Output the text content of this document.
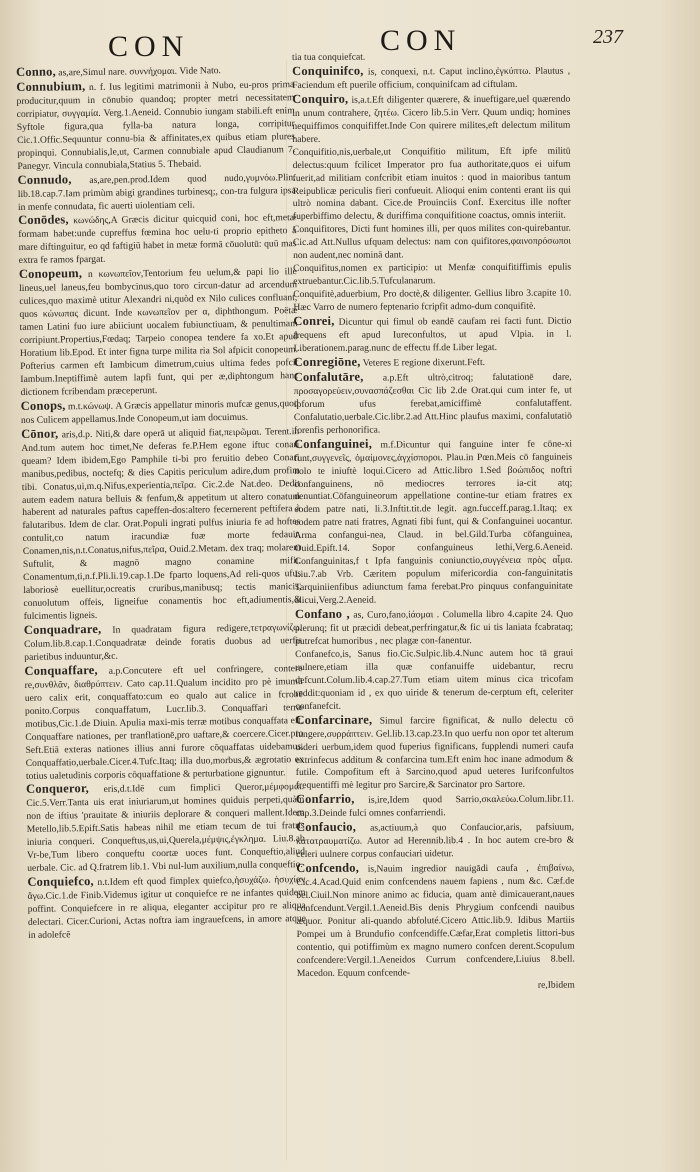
CON	CON	237
Conno, as,are,Simul nare. συννήχομαι. Vide Nato.
Connubium, n. f. Ius legitimi matrimonii à Nubo, eu-pros prima producitur,quum in cōnubio quandoq; propter metri necessitatem corripiatur, συγγαμία. Verg.1.Aeneid. Connubio iungam stabili.eft enim Syftole figura,qua fylla-ba natura longa, corripitur Cic.1.Offic.Sequuntur connu-bia & affinitates,ex quibus etiam plures propinqui. Connubialis,le,ut, Carmen connubiale apud Claudianum 7. Panegyr. Vincula connubiala,Statius 5. Thebaid.
Connudo, as,are,pen.prod.Idem quod nudo,γυμνόω.Plin. lib.18.cap.7.Iam primùm abigi grandines turbinesq;, con-tra fulgura ipsa in menfe connudata, fic auerti uiolentiam celi.
Conōdes, κωνώδης,A Græcis dicitur quicquid coni, hoc eft,metæ formam habet:unde cupreffus fœmina hoc uelu-ti proprio epitheto à mare diftinguitur, eo qd faftigiū habet in metæ formā cōuolutū: quū mas extra fe ramos fpargat.
Conopeum, n κωνωπεῖον,Tentorium feu uelum,& papi lio ille lineus,uel laneus,feu bombycinus,quo toro circun-datur ad arcendum culices,quo maximè utitur Alexandri ni,quòd ex Nilo culices confluant, quos κώνωπας dicunt. Inde κωνωπεῖον per α, diphthongum. Poëtæ tamen Latini fuo iure abiiciunt uocalem fubiunctiuam, & penultimam corripiunt.Propertius,Fœdaq; Tarpeio conopea tendere fa xo.Et apud Horatium lib.Epod. Et inter figna turpe milita ria Sol afpicit conopeum. Pofterius carmen eft Iambicum dimetrum,cuius ultima fedes pofcit Iambum.Ineptiffimè autem lapfi funt, qui per æ,diphtongum hanc dictionem fcribendam præceperunt.
Conops, m.t.κώνωψ. A Græcis appellatur minoris mufcæ genus,quod nos Culicem appellamus.Inde Conopeum,ut iam docuimus.
Cōnor, aris,d.p. Niti,& dare operā ut aliquid fiat,πειρῶμαι. Terent.in And.tum autem hoc timet,Ne deferas fe.P.Hem egone iftuc conari queam? Idem ibidem,Ego Pamphile ti-bi pro feruitio debeo Conari manibus,pedibus, noctefq; & dies Capitis periculum adire,dum profim tibi. Conatus,ui,m.q.Nifus,experientia,πεῖρα. Cic.2.de Nat.deo. Dedit autem eadem natura belluis & fenfum,& appetitum ut altero conatum haberent ad naturales paftus capeffen-dos:altero fecernerent peftifera à falutaribus. Idem de clar. Orat.Populi ingrati pulfus iniuria fe ad hoftes contulit,co natum iracundiæ fuæ morte fedauit. Conamen,nis,n.t.Conatus,nifus,πεῖρα, Ouid.2.Metam. dex traq; molarem Suftulit, & magnō magno conamine mifit. Conamentum,ti,n.f.Pli.li.19.cap.1.De fparto loquens,Ad reli-quos ufus laboriosè euellitur,ocreatis cruribus,manibusq; tectis manicis, conuolutum offeis, ligneifue conamentis hoc eft,adiumentis,& fulcimentis ligneis.
Conquadrare, In quadratam figura redigere,τετραγωνίζω. Colum.lib.8.cap.1.Conquadratæ deinde foratis duobus ad uerfis parietibus induuntur,&c.
Conquaffare, a.p.Concutere eft uel confringere, contere re,συνθλᾶν, διαθρύπτειν. Cato cap.11.Qualum incidito pro pè imumū uero calix erit, conquaffato:cum eo qualo aut calice in fcrobē ponito.Corpus conquaffatum, Lucr.lib.3. Conquaffari terræ motibus,Cic.1.de Diuin. Apulia maxi-mis terræ motibus conquaffata eft. Conquaffare nationes, per tranflationē,pro uaftare,& coercere.Cicer.pro Seft.Etiā exteras nationes illius anni furore cōquaffatas uidebamus. Conquaffatio,uerbale.Cicer.4.Tufc.Itaq; illa duo,morbus,& ægrotatio ex totius ualetudinis corporis cōquaffatione & perturbatione gignuntur.
Conqueror, eris,d.t.Idē cum fimplici Queror,μέμφομαι. Cic.5.Verr.Tanta uis erat iniuriarum,ut homines quiduis perpeti,quàm non de iftius 'prauitate & iniuriis deplorare & conqueri mallent.Idem Metello,lib.5.Epift.Satis habeas nihil me etiam tecum de tui fratris iniuria conqueri. Conqueftus,us,ui,Querela,μέμψις,ἐγκλημα. Liu.8.ab Vr-be,Tum libero conqueftu coortæ uoces funt. Conqueftio,aliud uerbale. Cic. ad Q.fratrem lib.1. Vbi nul-lum auxilium,nulla conqueftio.
Conquiefco, n.t.Idem eft quod fimplex quiefco,ἡσυχάζω. ἡσυχίαν ἄγω.Cic.1.de Finib.Videmus igitur ut conquiefce re ne infantes quidem poffint. Conquiefcere in re aliqua, eleganter accipitur pro re aliqua delectari. Cicer.Curioni, Actas noftra iam ingrauefcens, in amore atque in adolefcē
tia tua conquiefcat.
Conquinifco, is, conquexi, n.t. Caput inclino,ἐγκύπτω. Plautus , Faciendum eft puerile officium, conquinifcam ad ciftulam.
Conquiro, is,a.t.Eft diligenter quærere, & inueftigare,uel quærendo in unum contrahere, ζητέω. Cicero lib.5.in Verr. Quum undiq; homines nequiffimos conquififfet.Inde Con quirere milites,eft delectum militum habere.
Conquifitio,nis,uerbale,ut Conquifitio militum, Eft ipfe militū delectus:quum fcilicet Imperator pro fua authoritate,quos ei uifum fuerit,ad militiam confcribit etiam inuitos : quod in maioribus tantum Reipublicæ periculis fieri confueuit. Alioqui enim contenti erant iis qui ultrò nomina dabant. Cice.de Prouinciis Conf. Exercitus ille nofter fuperbiffimo delectu, & duriffima conquifitione coactus, omnis interiit.
Conquifitores, Dicti funt homines illi, per quos milites con-quirebantur. Cic.ad Att.Nullus ufquam delectus: nam con quifitores,φαινοπρόσωποι non audent,nec nominā dant.
Conquifitus,nomen ex participio: ut Menfæ conquifitiffimis epulis extruebantur.Cic.lib.5.Tufculanarum.
Conquifitè,aduerbium, Pro doctè,& diligenter. Gellius libro 3.capite 10. Hæc Varro de numero feptenario fcripfit admo-dum conquifitè.
Conrei, Dicuntur qui fimul ob eandē caufam rei facti funt. Dictio frequens eft apud Iureconfultos, ut apud Vlpia. in l. Liberationem.parag.nunc de effectu ff.de Liber legat.
Conregiōne, Veteres E regione dixerunt.Feft.
Confalutāre, a.p.Eft ultrò,citroq; falutationē dare, προσαγορεύειν,συνασπάζεσθαι Cic lib 2.de Orat.qui cum inter fe, ut ipforum ufus ferebat,amiciffimè confalutaffent. Confalutatio,uerbale.Cic.libr.2.ad Att.Hinc plaufus maximi, confalutatiō forenfis perhonorifica.
Confanguinei, m.f.Dicuntur qui fanguine inter fe cōne-xi funt,συγγενεῖς, ὁμαίμονες,ἀγχίσποροι. Plau.in Pœn.Meis cō fanguineis nolo te iniuftè loqui.Cicero ad Attic.libro 1.Sed βοώπιδος noftri confanguinens, nō mediocres terrores ia-cit atq; denuntiat.Cōfanguineorum appellatione contine-tur etiam fratres ex eodem patre nati, li.3.Inftit.tit.de legit. agn.fucceff.parag.1.Itaq; ex eodem patre nati fratres, Agnati fibi funt, qui & Confanguinei uocantur. Arma confangui-nea, Claud. in bel.Gild.Turba cōfanguinea, Ouid.Epift.14. Sopor confanguineus lethi,Verg.6.Aeneid. Confanguinitas,f t Ipfa fanguinis coniunctio,συγγένεια πρὸς αἷμα. Liu.7.ab Vrb. Cæritem populum mifericordia con-fanguinitatis Tarquiniienfibus adiunctum fama ferebat.Pro pinquus confanguinitate alicui,Verg.2.Aeneid.
Confano , as, Curo,fano,ἰάομαι . Columella libro 4.capite 24. Quo plerunq; fit ut præcidi debeat,perfringatur,& fic ui tis laniata fcabrataq; putrefcat humoribus , nec plagæ con-fanentur.
Confanefco,is, Sanus fio.Cic.Sulpic.lib.4.Nunc autem hoc tā graui uulnere,etiam illa quæ confanuiffe uidebantur, recru defcunt.Colum.lib.4.cap.27.Tum etiam uitem minus cica tricofam reddit:quoniam id , ex quo uiride & tenerum de-cerptum eft, celeriter confanefcit.
Confarcinare, Simul farcire fignificat, & nullo delectu cō iungere,συρράπτειν. Gel.lib.13.cap.23.In quo uerfu non opor tet alterum uideri uerbum,idem quod fuperius fignificans, fupplendi numeri caufa extrinfecus additum & confarcina tum.Eft enim hoc inane admodum & futile. Compofitum eft à Sarcino,quod apud ueteres Iurifconfultos frequentiffi mè legitur pro Sarcire,& Sarcinator pro Sartore.
Confarrio, is,ire,Idem quod Sarrio,σκαλεύω.Colum.libr.11. cap.3.Deinde fulci omnes confarriendi.
Confaucio, as,actiuum,à quo Confaucior,aris, pafsiuum, κατατραυματίζω. Autor ad Herennib.lib.4 . In hoc autem cre-bro & celeri uulnere corpus confauciari uidetur.
Confcendo, is,Nauim ingredior nauigādi caufa , ἐπιβαίνω, Cic.4.Acad.Quid enim confcendens nauem fapiens , num &c. Cæf.de bel.Ciuil.Non minore animo ac fiducia, quam antè dimicauerant,naues confcendunt.Vergil.1.Aeneid.Bis denis Phrygium confcendi nauibus æquor. Ponitur ali-quando abfoluté.Cicero Attic.lib.9. Idibus Martiis Pompei um à Brundufio confcendiffe.Cæfar,Erat completis littori-bus contentio, qui potiffimùm ex magno numero confcen derent.Scopulum confcendere:Vergil.1.Aeneidos Currum confcendere,Liuius 8.bell. Macedon. Equum confcende-
re,Ibidem
